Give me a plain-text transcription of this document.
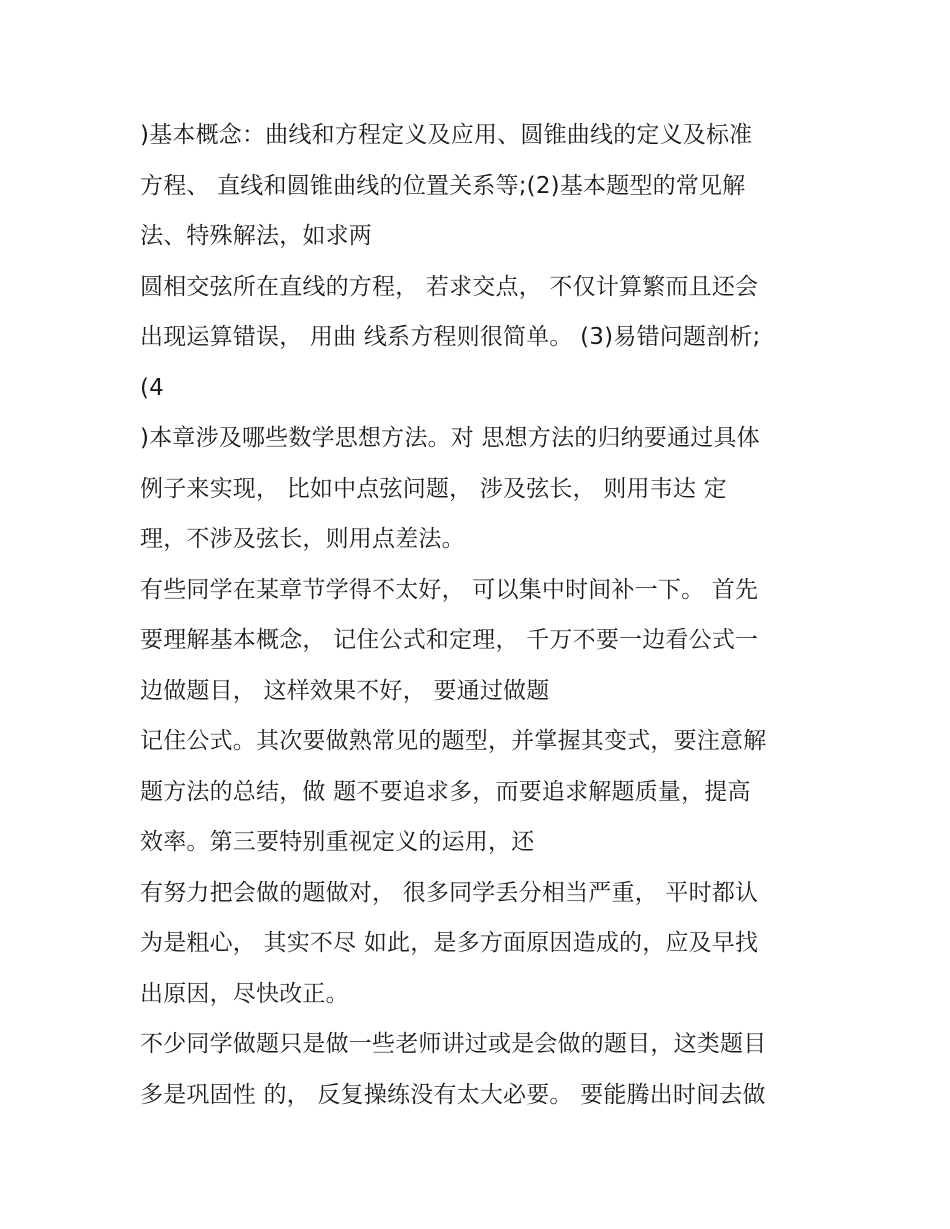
)基本概念：曲线和方程定义及应用、圆锥曲线的定义及标准
方程、 直线和圆锥曲线的位置关系等;(2)基本题型的常见解
法、特殊解法，如求两
圆相交弦所在直线的方程， 若求交点， 不仅计算繁而且还会
出现运算错误， 用曲 线系方程则很简单。 (3)易错问题剖析;
(4
)本章涉及哪些数学思想方法。对 思想方法的归纳要通过具体
例子来实现， 比如中点弦问题， 涉及弦长， 则用韦达 定
理，不涉及弦长，则用点差法。
有些同学在某章节学得不太好， 可以集中时间补一下。 首先
要理解基本概念， 记住公式和定理， 千万不要一边看公式一
边做题目， 这样效果不好， 要通过做题
记住公式。其次要做熟常见的题型，并掌握其变式，要注意解
题方法的总结，做 题不要追求多，而要追求解题质量，提高
效率。第三要特别重视定义的运用，还
有努力把会做的题做对， 很多同学丢分相当严重， 平时都认
为是粗心， 其实不尽 如此，是多方面原因造成的，应及早找
出原因，尽快改正。
不少同学做题只是做一些老师讲过或是会做的题目，这类题目
多是巩固性 的， 反复操练没有太大必要。 要能腾出时间去做
